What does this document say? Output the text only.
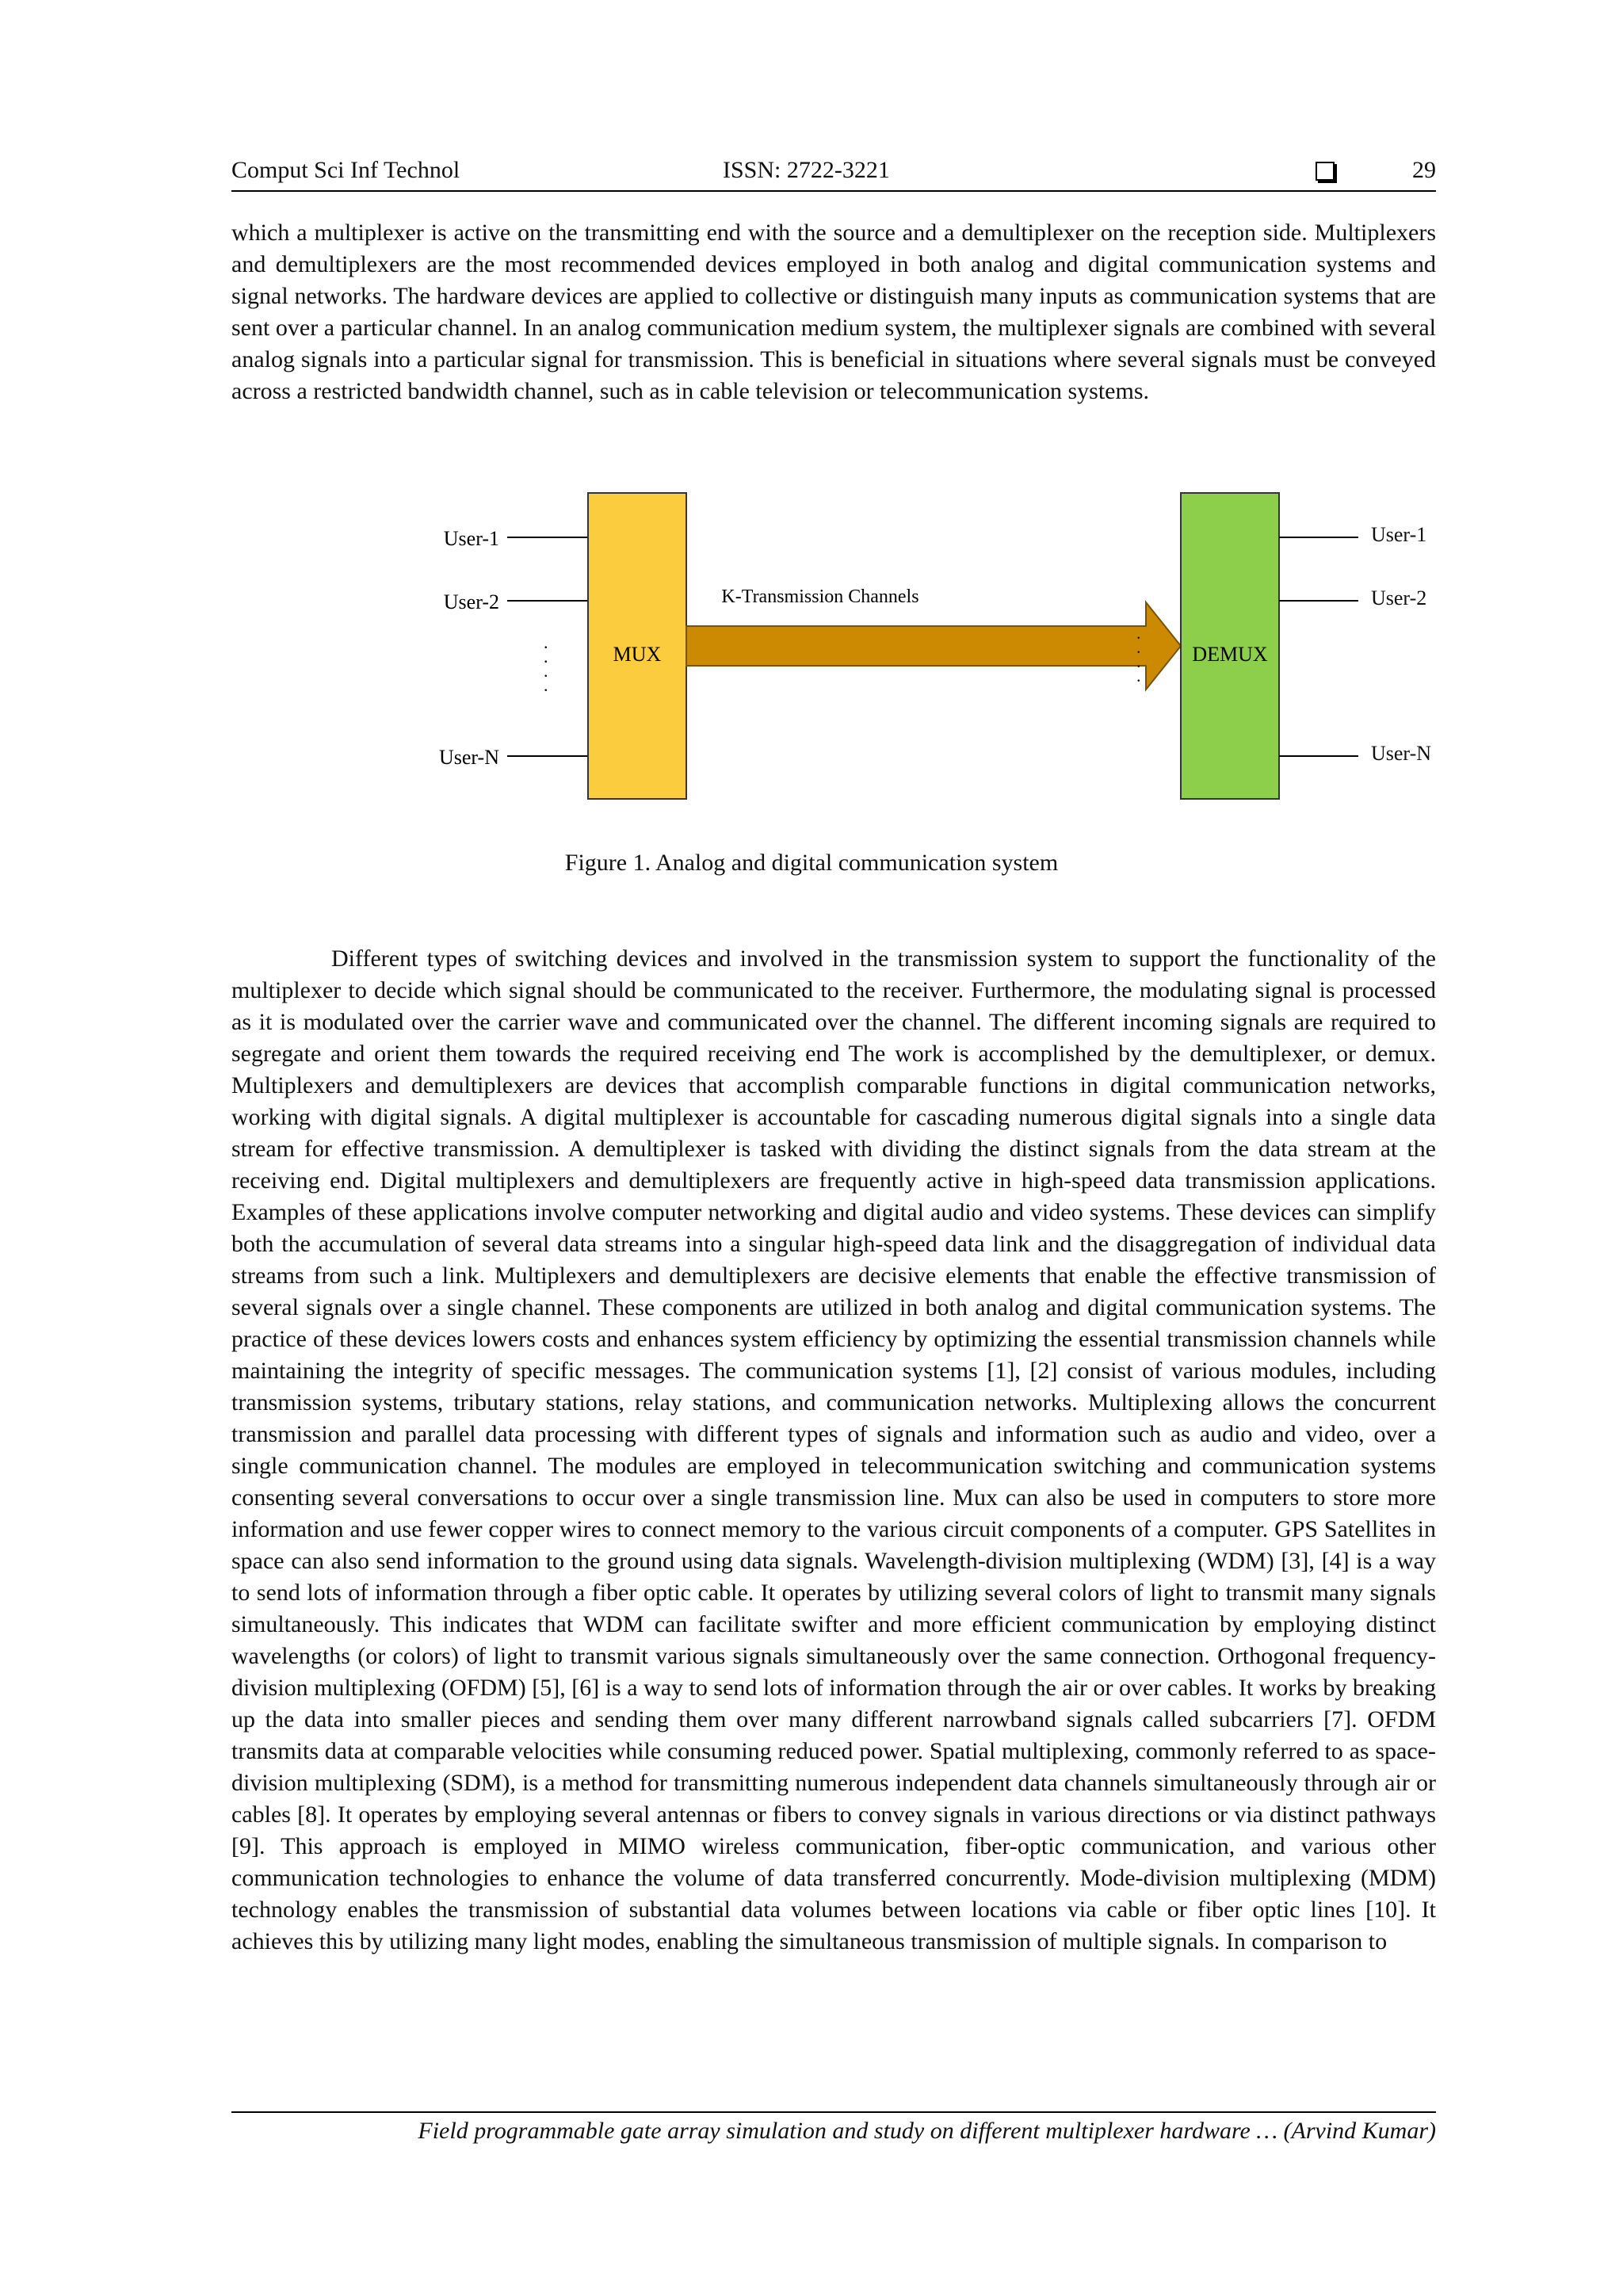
Comput Sci Inf Technol	ISSN: 2722-3221	29

which a multiplexer is active on the transmitting end with the source and a demultiplexer on the reception side. Multiplexers and demultiplexers are the most recommended devices employed in both analog and digital communication systems and signal networks. The hardware devices are applied to collective or distinguish many inputs as communication systems that are sent over a particular channel. In an analog communication medium system, the multiplexer signals are combined with several analog signals into a particular signal for transmission. This is beneficial in situations where several signals must be conveyed across a restricted bandwidth channel, such as in cable television or telecommunication systems.

. . . .
User-1
User-2
User-N
MUX
K-Transmission Channels
DEMUX
User-1
User-2
User-N
.
.
.
.
Figure 1. Analog and digital communication system

Different types of switching devices and involved in the transmission system to support the functionality of the multiplexer to decide which signal should be communicated to the receiver. Furthermore, the modulating signal is processed as it is modulated over the carrier wave and communicated over the channel. The different incoming signals are required to segregate and orient them towards the required receiving end The work is accomplished by the demultiplexer, or demux. Multiplexers and demultiplexers are devices that accomplish comparable functions in digital communication networks, working with digital signals. A digital multiplexer is accountable for cascading numerous digital signals into a single data stream for effective transmission. A demultiplexer is tasked with dividing the distinct signals from the data stream at the receiving end. Digital multiplexers and demultiplexers are frequently active in high-speed data transmission applications. Examples of these applications involve computer networking and digital audio and video systems. These devices can simplify both the accumulation of several data streams into a singular high-speed data link and the disaggregation of individual data streams from such a link. Multiplexers and demultiplexers are decisive elements that enable the effective transmission of several signals over a single channel. These components are utilized in both analog and digital communication systems. The practice of these devices lowers costs and enhances system efficiency by optimizing the essential transmission channels while maintaining the integrity of specific messages. The communication systems [1], [2] consist of various modules, including transmission systems, tributary stations, relay stations, and communication networks. Multiplexing allows the concurrent transmission and parallel data processing with different types of signals and information such as audio and video, over a single communication channel. The modules are employed in telecommunication switching and communication systems consenting several conversations to occur over a single transmission line. Mux can also be used in computers to store more information and use fewer copper wires to connect memory to the various circuit components of a computer. GPS Satellites in space can also send information to the ground using data signals. Wavelength-division multiplexing (WDM) [3], [4] is a way to send lots of information through a fiber optic cable. It operates by utilizing several colors of light to transmit many signals simultaneously. This indicates that WDM can facilitate swifter and more efficient communication by employing distinct wavelengths (or colors) of light to transmit various signals simultaneously over the same connection. Orthogonal frequency-division multiplexing (OFDM) [5], [6] is a way to send lots of information through the air or over cables. It works by breaking up the data into smaller pieces and sending them over many different narrowband signals called subcarriers [7]. OFDM transmits data at comparable velocities while consuming reduced power. Spatial multiplexing, commonly referred to as space-division multiplexing (SDM), is a method for transmitting numerous independent data channels simultaneously through air or cables [8]. It operates by employing several antennas or fibers to convey signals in various directions or via distinct pathways [9]. This approach is employed in MIMO wireless communication, fiber-optic communication, and various other communication technologies to enhance the volume of data transferred concurrently. Mode-division multiplexing (MDM) technology enables the transmission of substantial data volumes between locations via cable or fiber optic lines [10]. It achieves this by utilizing many light modes, enabling the simultaneous transmission of multiple signals. In comparison to

Field programmable gate array simulation and study on different multiplexer hardware … (Arvind Kumar)
